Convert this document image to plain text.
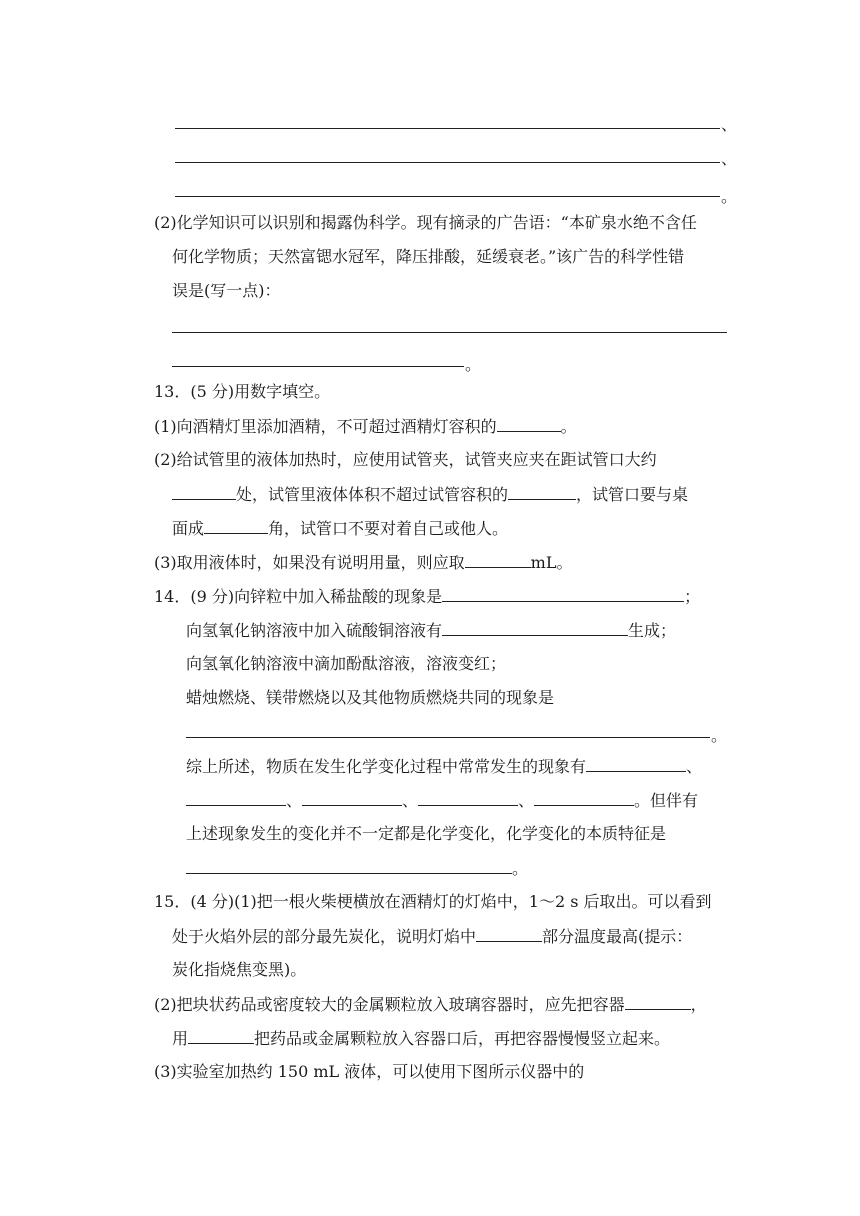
、
、
。
(2)化学知识可以识别和揭露伪科学。现有摘录的广告语：“本矿泉水绝不含任
何化学物质；天然富锶水冠军，降压排酸，延缓衰老。”该广告的科学性错
误是(写一点)：
。
13．(5 分)用数字填空。
(1)向酒精灯里添加酒精，不可超过酒精灯容积的	。
(2)给试管里的液体加热时，应使用试管夹，试管夹应夹在距试管口大约
处，试管里液体体积不超过试管容积的	，试管口要与桌
面成	角，试管口不要对着自己或他人。
(3)取用液体时，如果没有说明用量，则应取	mL。
14．(9 分)向锌粒中加入稀盐酸的现象是	；
向氢氧化钠溶液中加入硫酸铜溶液有	生成；
向氢氧化钠溶液中滴加酚酞溶液，溶液变红；
蜡烛燃烧、镁带燃烧以及其他物质燃烧共同的现象是
。
综上所述，物质在发生化学变化过程中常常发生的现象有	、
、	、	、	。但伴有
上述现象发生的变化并不一定都是化学变化，化学变化的本质特征是
。
15．(4 分)(1)把一根火柴梗横放在酒精灯的灯焰中，1～2 s 后取出。可以看到
处于火焰外层的部分最先炭化，说明灯焰中	部分温度最高(提示：
炭化指烧焦变黑)。
(2)把块状药品或密度较大的金属颗粒放入玻璃容器时，应先把容器	，
用	把药品或金属颗粒放入容器口后，再把容器慢慢竖立起来。
(3)实验室加热约 150 mL 液体，可以使用下图所示仪器中的
